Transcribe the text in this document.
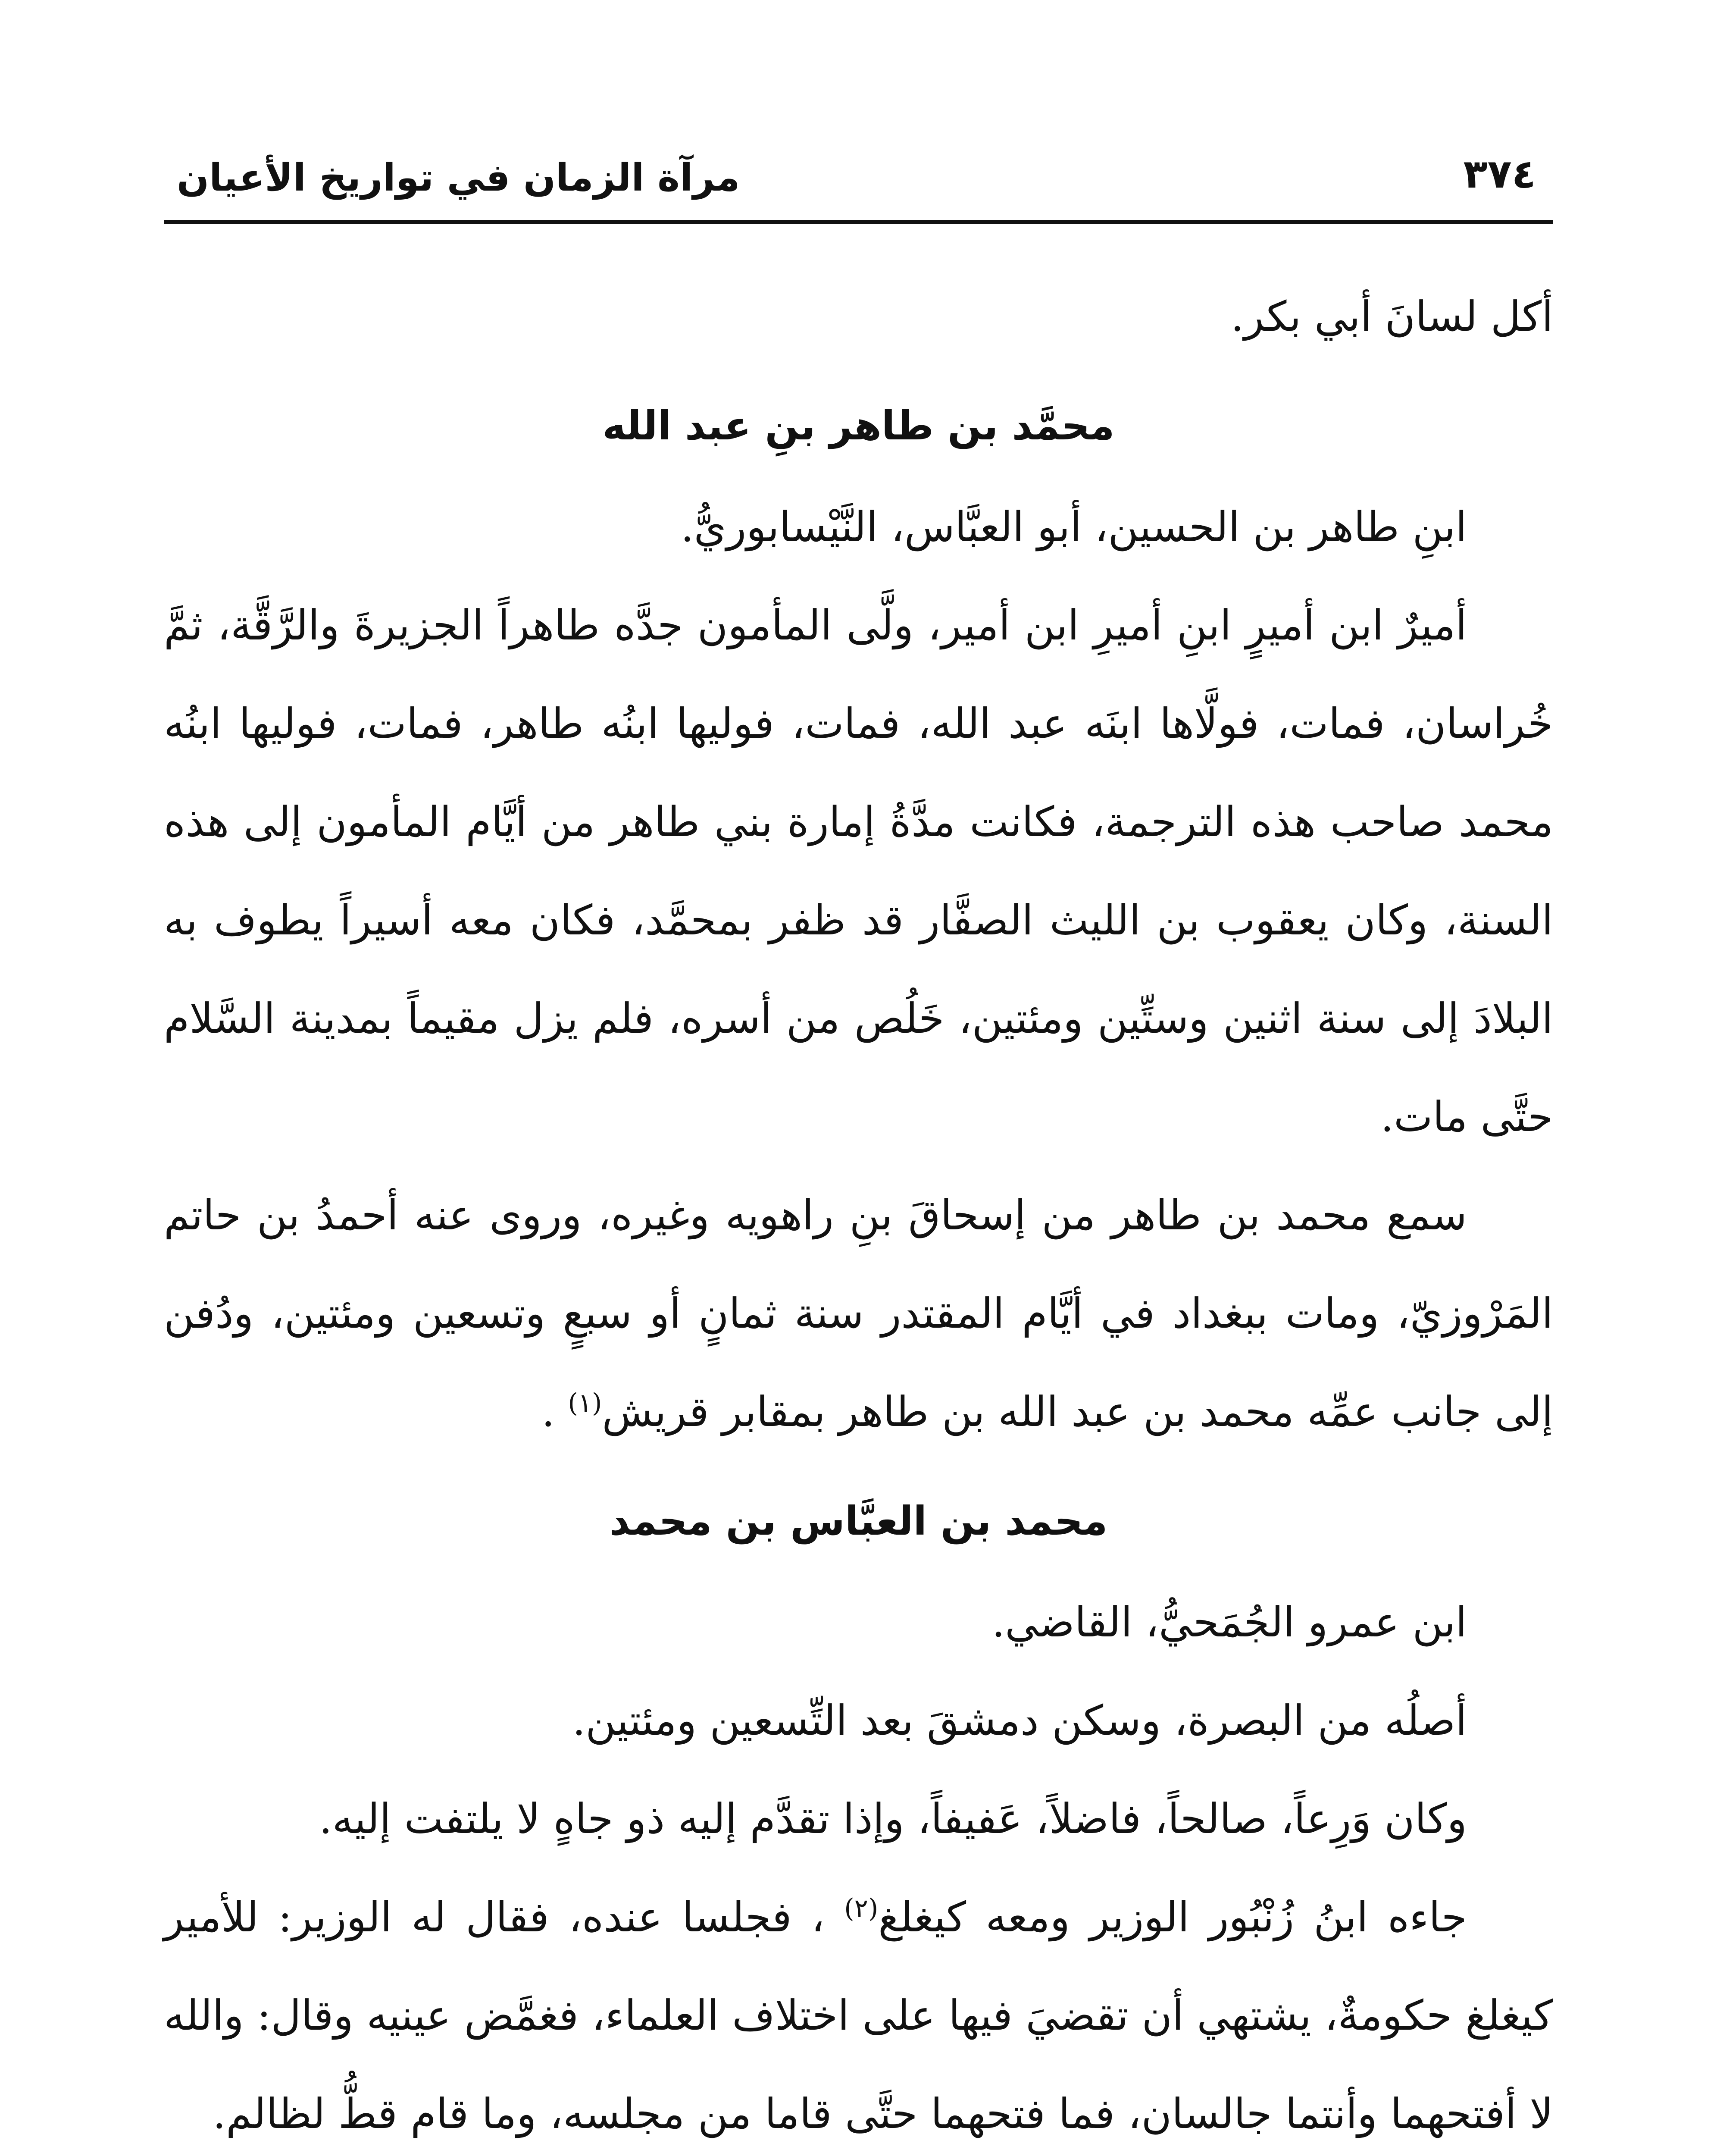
٣٧٤
مرآة الزمان في تواريخ الأعيان

أكل لسانَ أبي بكر.

محمَّد بن طاهر بنِ عبد الله

ابنِ طاهر بن الحسين، أبو العبَّاس، النَّيْسابوريُّ.

أميرٌ ابن أميرٍ ابنِ أميرِ ابن أمير، ولَّى المأمون جدَّه طاهراً الجزيرةَ والرَّقَّة، ثمَّ خُراسان، فمات، فولَّاها ابنَه عبد الله، فمات، فوليها ابنُه طاهر، فمات، فوليها ابنُه محمد صاحب هذه الترجمة، فكانت مدَّةُ إمارة بني طاهر من أيَّام المأمون إلى هذه السنة، وكان يعقوب بن الليث الصفَّار قد ظفر بمحمَّد، فكان معه أسيراً يطوف به البلادَ إلى سنة اثنين وستِّين ومئتين، خَلُص من أسره، فلم يزل مقيماً بمدينة السَّلام حتَّى مات.

سمع محمد بن طاهر من إسحاقَ بنِ راهويه وغيره، وروى عنه أحمدُ بن حاتم المَرْوزيّ، ومات ببغداد في أيَّام المقتدر سنة ثمانٍ أو سبعٍ وتسعين ومئتين، ودُفن إلى جانب عمِّه محمد بن عبد الله بن طاهر بمقابر قريش$^{(١)}$ .

محمد بن العبَّاس بن محمد

ابن عمرو الجُمَحيُّ، القاضي.

أصلُه من البصرة، وسكن دمشقَ بعد التِّسعين ومئتين.

وكان وَرِعاً، صالحاً، فاضلاً، عَفيفاً، وإذا تقدَّم إليه ذو جاهٍ لا يلتفت إليه.

جاءه ابنُ زُنْبُور الوزير ومعه كيغلغ$^{(٢)}$ ، فجلسا عنده، فقال له الوزير: للأمير كيغلغ حكومةٌ، يشتهي أن تقضيَ فيها على اختلاف العلماء، فغمَّض عينيه وقال: والله لا أفتحهما وأنتما جالسان، فما فتحهما حتَّى قاما من مجلسه، وما قام قطُّ لظالم.
